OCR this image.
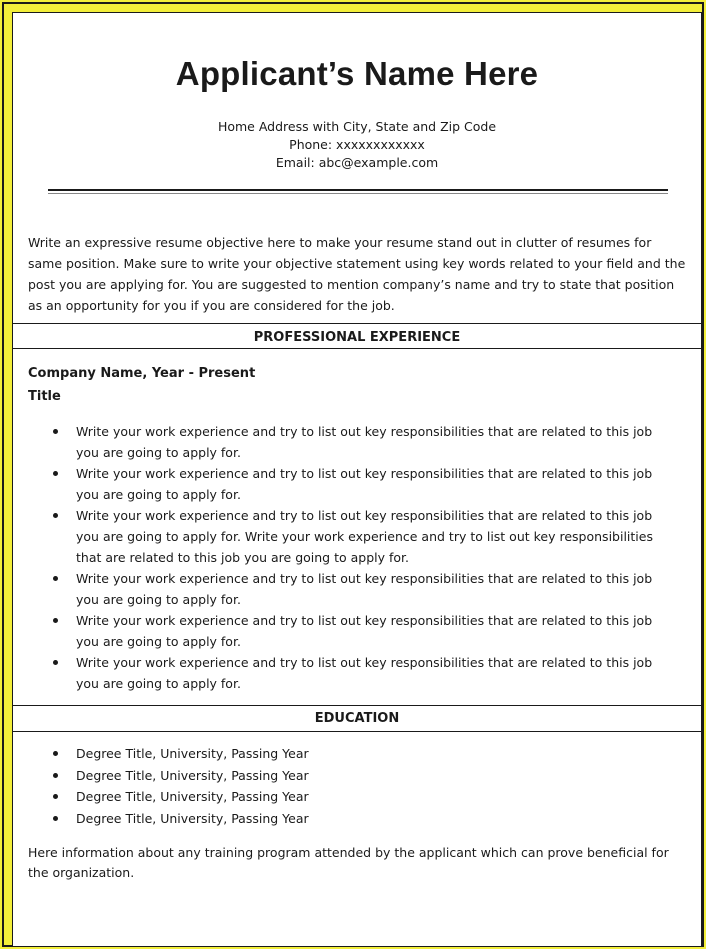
Applicant’s Name Here
Home Address with City, State and Zip Code
Phone: xxxxxxxxxxxx
Email: abc@example.com
Write an expressive resume objective here to make your resume stand out in clutter of resumes for same position. Make sure to write your objective statement using key words related to your field and the post you are applying for. You are suggested to mention company’s name and try to state that position as an opportunity for you if you are considered for the job.
PROFESSIONAL EXPERIENCE
Company Name, Year - Present
Title
Write your work experience and try to list out key responsibilities that are related to this job you are going to apply for.
Write your work experience and try to list out key responsibilities that are related to this job you are going to apply for.
Write your work experience and try to list out key responsibilities that are related to this job you are going to apply for. Write your work experience and try to list out key responsibilities that are related to this job you are going to apply for.
Write your work experience and try to list out key responsibilities that are related to this job you are going to apply for.
Write your work experience and try to list out key responsibilities that are related to this job you are going to apply for.
Write your work experience and try to list out key responsibilities that are related to this job you are going to apply for.
EDUCATION
Degree Title, University, Passing Year
Degree Title, University, Passing Year
Degree Title, University, Passing Year
Degree Title, University, Passing Year
Here information about any training program attended by the applicant which can prove beneficial for the organization.
